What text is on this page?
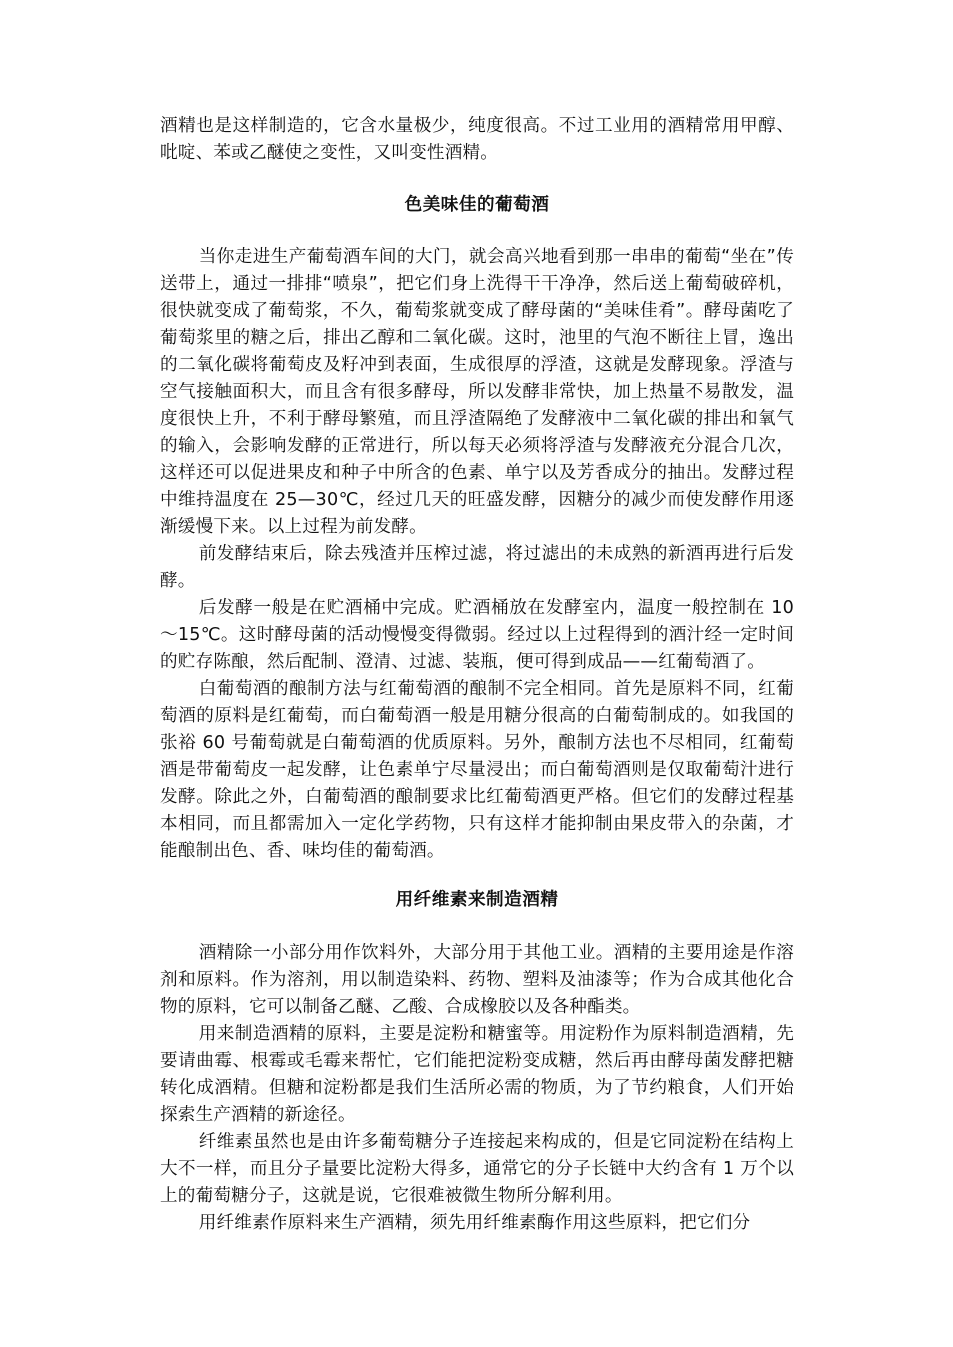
酒精也是这样制造的，它含水量极少，纯度很高。不过工业用的酒精常用甲醇、吡啶、苯或乙醚使之变性，又叫变性酒精。

色美味佳的葡萄酒

当你走进生产葡萄酒车间的大门，就会高兴地看到那一串串的葡萄“坐在”传送带上，通过一排排“喷泉”，把它们身上洗得干干净净，然后送上葡萄破碎机，很快就变成了葡萄浆，不久，葡萄浆就变成了酵母菌的“美味佳肴”。酵母菌吃了葡萄浆里的糖之后，排出乙醇和二氧化碳。这时，池里的气泡不断往上冒，逸出的二氧化碳将葡萄皮及籽冲到表面，生成很厚的浮渣，这就是发酵现象。浮渣与空气接触面积大，而且含有很多酵母，所以发酵非常快，加上热量不易散发，温度很快上升，不利于酵母繁殖，而且浮渣隔绝了发酵液中二氧化碳的排出和氧气的输入，会影响发酵的正常进行，所以每天必须将浮渣与发酵液充分混合几次，这样还可以促进果皮和种子中所含的色素、单宁以及芳香成分的抽出。发酵过程中维持温度在 25—30℃，经过几天的旺盛发酵，因糖分的减少而使发酵作用逐渐缓慢下来。以上过程为前发酵。

前发酵结束后，除去残渣并压榨过滤，将过滤出的未成熟的新酒再进行后发酵。

后发酵一般是在贮酒桶中完成。贮酒桶放在发酵室内，温度一般控制在 10～15℃。这时酵母菌的活动慢慢变得微弱。经过以上过程得到的酒汁经一定时间的贮存陈酿，然后配制、澄清、过滤、装瓶，便可得到成品——红葡萄酒了。

白葡萄酒的酿制方法与红葡萄酒的酿制不完全相同。首先是原料不同，红葡萄酒的原料是红葡萄，而白葡萄酒一般是用糖分很高的白葡萄制成的。如我国的张裕 60 号葡萄就是白葡萄酒的优质原料。另外，酿制方法也不尽相同，红葡萄酒是带葡萄皮一起发酵，让色素单宁尽量浸出；而白葡萄酒则是仅取葡萄汁进行发酵。除此之外，白葡萄酒的酿制要求比红葡萄酒更严格。但它们的发酵过程基本相同，而且都需加入一定化学药物，只有这样才能抑制由果皮带入的杂菌，才能酿制出色、香、味均佳的葡萄酒。

用纤维素来制造酒精

酒精除一小部分用作饮料外，大部分用于其他工业。酒精的主要用途是作溶剂和原料。作为溶剂，用以制造染料、药物、塑料及油漆等；作为合成其他化合物的原料，它可以制备乙醚、乙酸、合成橡胶以及各种酯类。

用来制造酒精的原料，主要是淀粉和糖蜜等。用淀粉作为原料制造酒精，先要请曲霉、根霉或毛霉来帮忙，它们能把淀粉变成糖，然后再由酵母菌发酵把糖转化成酒精。但糖和淀粉都是我们生活所必需的物质，为了节约粮食，人们开始探索生产酒精的新途径。

纤维素虽然也是由许多葡萄糖分子连接起来构成的，但是它同淀粉在结构上大不一样，而且分子量要比淀粉大得多，通常它的分子长链中大约含有 1 万个以上的葡萄糖分子，这就是说，它很难被微生物所分解利用。

用纤维素作原料来生产酒精，须先用纤维素酶作用这些原料，把它们分
